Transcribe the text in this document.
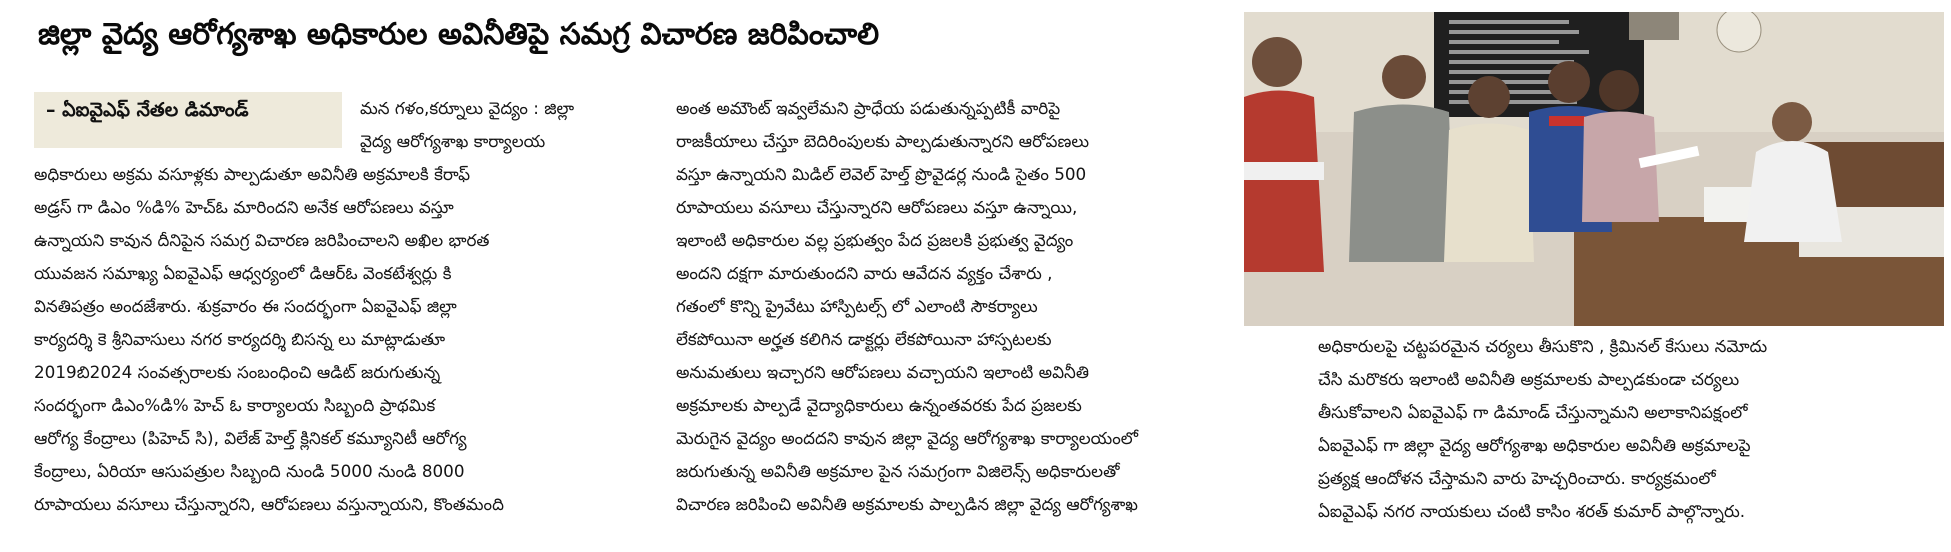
జిల్లా వైద్య ఆరోగ్యశాఖ అధికారుల అవినీతిపై సమగ్ర విచారణ జరిపించాలి
– ఏఐవైఎఫ్ నేతల డిమాండ్	మన గళం,కర్నూలు వైద్యం : జిల్లా
వైద్య ఆరోగ్యశాఖ కార్యాలయ
అధికారులు అక్రమ వసూళ్లకు పాల్పడుతూ అవినీతి అక్రమాలకి కేరాఫ్
అడ్రస్ గా డిఎం %డి% హెచ్ఓ మారిందని అనేక ఆరోపణలు వస్తూ
ఉన్నాయని కావున దీనిపైన సమగ్ర విచారణ జరిపించాలని అఖిల భారత
యువజన సమాఖ్య ఏఐవైఎఫ్ ఆధ్వర్యంలో డిఆర్ఓ వెంకటేశ్వర్లు కి
వినతిపత్రం అందజేశారు. శుక్రవారం ఈ సందర్భంగా ఏఐవైఎఫ్ జిల్లా
కార్యదర్శి కె శ్రీనివాసులు నగర కార్యదర్శి బిసన్న లు మాట్లాడుతూ
2019బి2024 సంవత్సరాలకు సంబంధించి ఆడిట్ జరుగుతున్న
సందర్భంగా డిఎం%డి% హెచ్ ఓ కార్యాలయ సిబ్బంది ప్రాథమిక
ఆరోగ్య కేంద్రాలు (పిహెచ్ సి), విలేజ్ హెల్త్ క్లినికల్ కమ్యూనిటీ ఆరోగ్య
కేంద్రాలు, ఏరియా ఆసుపత్రుల సిబ్బంది నుండి 5000 నుండి 8000
రూపాయలు వసూలు చేస్తున్నారని, ఆరోపణలు వస్తున్నాయని, కొంతమంది
అంత అమౌంట్ ఇవ్వలేమని ప్రాధేయ పడుతున్నప్పటికీ వారిపై
రాజకీయాలు చేస్తూ బెదిరింపులకు పాల్పడుతున్నారని ఆరోపణలు
వస్తూ ఉన్నాయని మిడిల్ లెవెల్ హెల్త్ ప్రొవైడర్ల నుండి సైతం 500
రూపాయలు వసూలు చేస్తున్నారని ఆరోపణలు వస్తూ ఉన్నాయి,
ఇలాంటి అధికారుల వల్ల ప్రభుత్వం పేద ప్రజలకి ప్రభుత్వ వైద్యం
అందని దక్షగా మారుతుందని వారు ఆవేదన వ్యక్తం చేశారు ,
గతంలో కొన్ని ప్రైవేటు హాస్పిటల్స్ లో ఎలాంటి సౌకర్యాలు
లేకపోయినా అర్హత కలిగిన డాక్టర్లు లేకపోయినా హాస్పటలకు
అనుమతులు ఇచ్చారని ఆరోపణలు వచ్చాయని ఇలాంటి అవినీతి
అక్రమాలకు పాల్పడే వైద్యాధికారులు ఉన్నంతవరకు పేద ప్రజలకు
మెరుగైన వైద్యం అందదని కావున జిల్లా వైద్య ఆరోగ్యశాఖ కార్యాలయంలో
జరుగుతున్న అవినీతి అక్రమాల పైన సమగ్రంగా విజిలెన్స్ అధికారులతో
విచారణ జరిపించి అవినీతి అక్రమాలకు పాల్పడిన జిల్లా వైద్య ఆరోగ్యశాఖ
అధికారులపై చట్టపరమైన చర్యలు తీసుకొని , క్రిమినల్ కేసులు నమోదు
చేసి మరొకరు ఇలాంటి అవినీతి అక్రమాలకు పాల్పడకుండా చర్యలు
తీసుకోవాలని ఏఐవైఎఫ్ గా డిమాండ్ చేస్తున్నామని అలాకానిపక్షంలో
ఏఐవైఎఫ్ గా జిల్లా వైద్య ఆరోగ్యశాఖ అధికారుల అవినీతి అక్రమాలపై
ప్రత్యక్ష ఆందోళన చేస్తామని వారు హెచ్చరించారు. కార్యక్రమంలో
ఏఐవైఎఫ్ నగర నాయకులు చంటి కాసిం శరత్ కుమార్ పాల్గొన్నారు.
